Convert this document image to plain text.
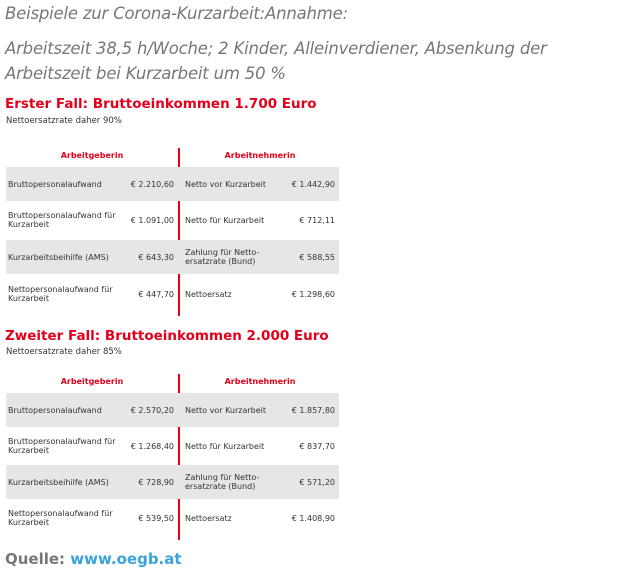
Beispiele zur Corona-Kurzarbeit:Annahme:
Arbeitszeit 38,5 h/Woche; 2 Kinder, Alleinverdiener, Absenkung der Arbeitszeit bei Kurzarbeit um 50 %
Erster Fall: Bruttoeinkommen 1.700 Euro
Nettoersatzrate daher 90%
Arbeitgeberin	Arbeitnehmerin
Bruttopersonalaufwand	€ 2.210,60 Netto vor Kurzarbeit	€ 1.442,90
Bruttopersonalaufwand für Kurzarbeit	€ 1.091,00 Netto für Kurzarbeit	€ 712,11
Kurzarbeitsbeihilfe (AMS)	€ 643,30 Zahlung für Netto-ersatzrate (Bund)	€ 588,55
Nettopersonalaufwand für Kurzarbeit	€ 447,70 Nettoersatz	€ 1.298,60
Zweiter Fall: Bruttoeinkommen 2.000 Euro
Nettoersatzrate daher 85%
Arbeitgeberin	Arbeitnehmerin
Bruttopersonalaufwand	€ 2.570,20 Netto vor Kurzarbeit	€ 1.857,80
Bruttopersonalaufwand für Kurzarbeit	€ 1.268,40 Netto für Kurzarbeit	€ 837,70
Kurzarbeitsbeihilfe (AMS)	€ 728,90 Zahlung für Netto-ersatzrate (Bund)	€ 571,20
Nettopersonalaufwand für Kurzarbeit	€ 539,50 Nettoersatz	€ 1.408,90
Quelle: www.oegb.at
